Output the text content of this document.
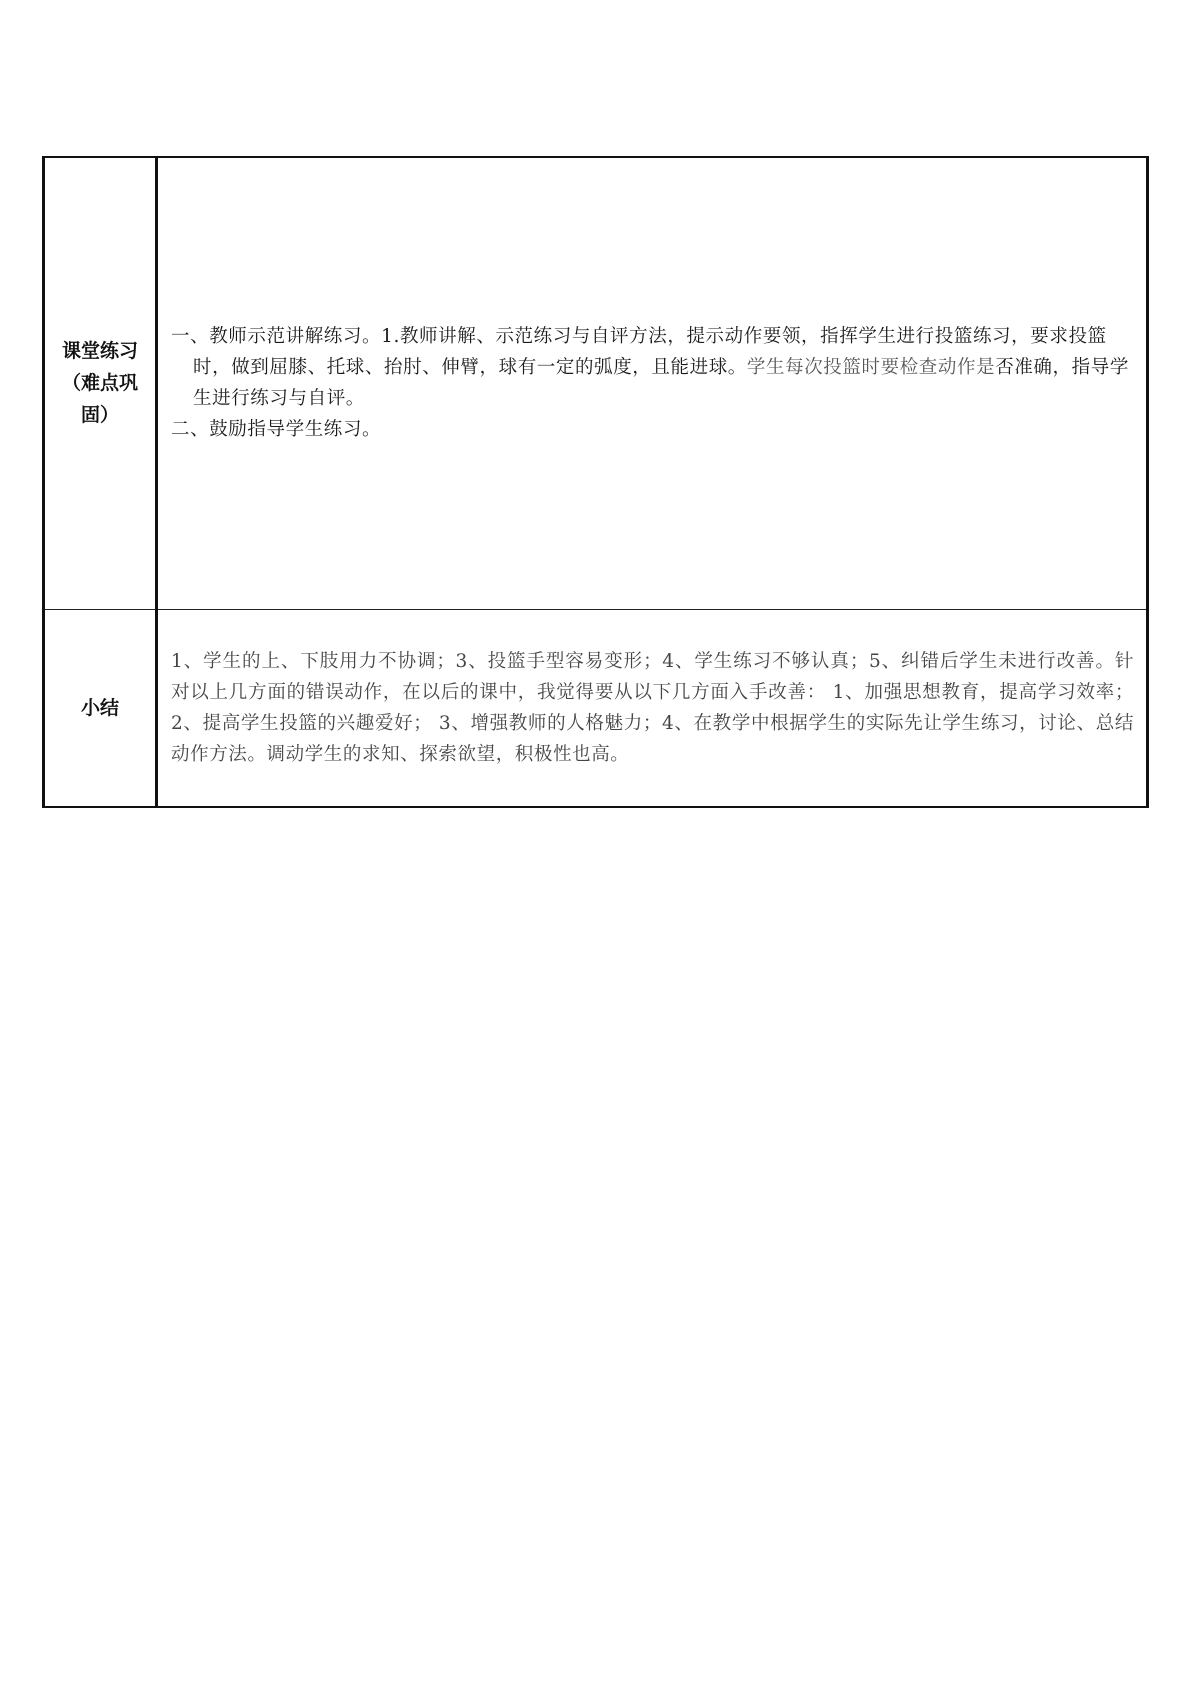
课堂练习（难点巩固）	一、教师示范讲解练习。1.教师讲解、示范练习与自评方法，提示动作要领，指挥学生进行投篮练习，要求投篮时，做到屈膝、托球、抬肘、伸臂，球有一定的弧度，且能进球。学生每次投篮时要检查动作是否准确，指导学生进行练习与自评。

二、鼓励指导学生练习。

小结	1、学生的上、下肢用力不协调；3、投篮手型容易变形；4、学生练习不够认真；5、纠错后学生未进行改善。针对以上几方面的错误动作，在以后的课中，我觉得要从以下几方面入手改善： 1、加强思想教育，提高学习效率；2、提高学生投篮的兴趣爱好； 3、增强教师的人格魅力；4、在教学中根据学生的实际先让学生练习，讨论、总结动作方法。调动学生的求知、探索欲望，积极性也高。
